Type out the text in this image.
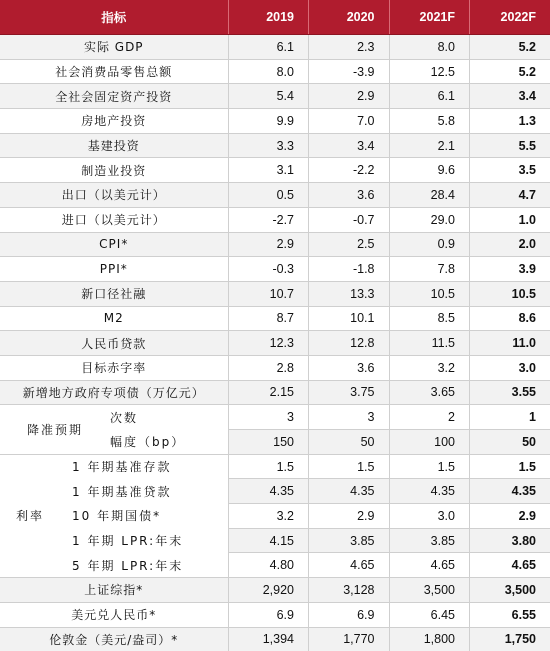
指标	2019	2020	2021F	2022F
实际 GDP	6.1	2.3	8.0	5.2
社会消费品零售总额	8.0	-3.9	12.5	5.2
全社会固定资产投资	5.4	2.9	6.1	3.4
房地产投资	9.9	7.0	5.8	1.3
基建投资	3.3	3.4	2.1	5.5
制造业投资	3.1	-2.2	9.6	3.5
出口（以美元计）	0.5	3.6	28.4	4.7
进口（以美元计）	-2.7	-0.7	29.0	1.0
CPI*	2.9	2.5	0.9	2.0
PPI*	-0.3	-1.8	7.8	3.9
新口径社融	10.7	13.3	10.5	10.5
M2	8.7	10.1	8.5	8.6
人民币贷款	12.3	12.8	11.5	11.0
目标赤字率	2.8	3.6	3.2	3.0
新增地方政府专项债（万亿元）	2.15	3.75	3.65	3.55

降准预期
次数	3	3	2	1

幅度（bp）	150	50	100	50

1 年期基准存款	1.5	1.5	1.5	1.5

1 年期基准贷款	4.35	4.35	4.35	4.35

利率 10 年期国债*	3.2	2.9	3.0	2.9

1 年期 LPR:年末	4.15	3.85	3.85	3.80

5 年期 LPR:年末	4.80	4.65	4.65	4.65
上证综指*	2,920	3,128	3,500	3,500
美元兑人民币*	6.9	6.9	6.45	6.55
伦敦金（美元/盎司）*	1,394	1,770	1,800	1,750
